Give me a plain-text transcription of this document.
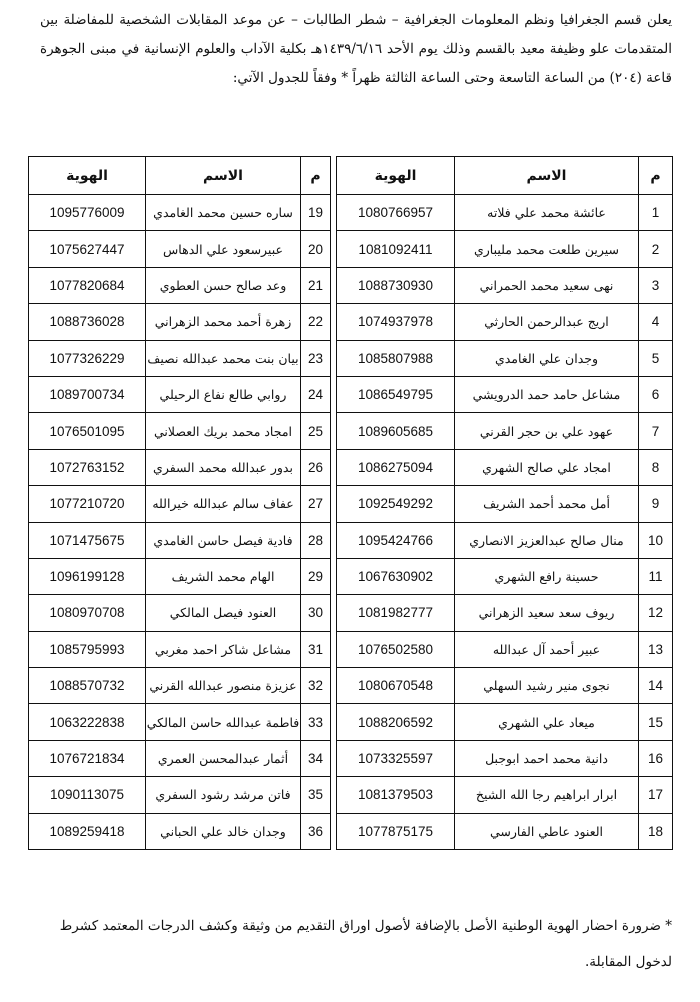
يعلن قسم الجغرافيا ونظم المعلومات الجغرافية – شطر الطالبات – عن موعد المقابلات الشخصية للمفاضلة بين المتقدمات علو وظيفة معيد بالقسم وذلك يوم الأحد ١٤٣٩/٦/١٦هـ بكلية الآداب والعلوم الإنسانية في مبنى الجوهرة قاعة (٢٠٤) من الساعة التاسعة وحتى الساعة الثالثة ظهراً * وفقاً للجدول الآتي:

م	الاسم	الهوية		م	الاسم	الهوية
1	عائشة محمد علي فلاته	1080766957		19	ساره حسين محمد الغامدي	1095776009
2	سيرين طلعت محمد مليباري	1081092411		20	عبيرسعود علي الدهاس	1075627447
3	نهى سعيد محمد الحمراني	1088730930		21	وعد صالح حسن العطوي	1077820684
4	اريج عبدالرحمن الحارثي	1074937978		22	زهرة أحمد محمد الزهراني	1088736028
5	وجدان علي الغامدي	1085807988		23	بيان بنت محمد عبدالله نصيف	1077326229
6	مشاعل حامد حمد الدرويشي	1086549795		24	روابي طالع نفاع الرحيلي	1089700734
7	عهود علي بن حجر القرني	1089605685		25	امجاد محمد بريك العصلاني	1076501095
8	امجاد علي صالح الشهري	1086275094		26	بدور عبدالله محمد السفري	1072763152
9	أمل محمد أحمد الشريف	1092549292		27	عفاف سالم عبدالله خيرالله	1077210720
10	منال صالح عبدالعزيز الانصاري	1095424766		28	فادية فيصل حاسن الغامدي	1071475675
11	حسينة رافع الشهري	1067630902		29	الهام محمد الشريف	1096199128
12	ريوف سعد سعيد الزهراني	1081982777		30	العنود فيصل المالكي	1080970708
13	عبير أحمد آل عبدالله	1076502580		31	مشاعل شاكر احمد مغربي	1085795993
14	نجوى منير رشيد السهلي	1080670548		32	عزيزة منصور عبدالله القرني	1088570732
15	ميعاد علي الشهري	1088206592		33	فاطمة عبدالله حاسن المالكي	1063222838
16	دانية محمد احمد ابوجبل	1073325597		34	أثمار عبدالمحسن العمري	1076721834
17	ابرار ابراهيم رجا الله الشيخ	1081379503		35	فاتن مرشد رشود السفري	1090113075
18	العنود عاطي الفارسي	1077875175		36	وجدان خالد علي الحباني	1089259418

* ضرورة احضار الهوية الوطنية الأصل بالإضافة لأصول اوراق التقديم من وثيقة وكشف الدرجات المعتمد كشرط لدخول المقابلة.
